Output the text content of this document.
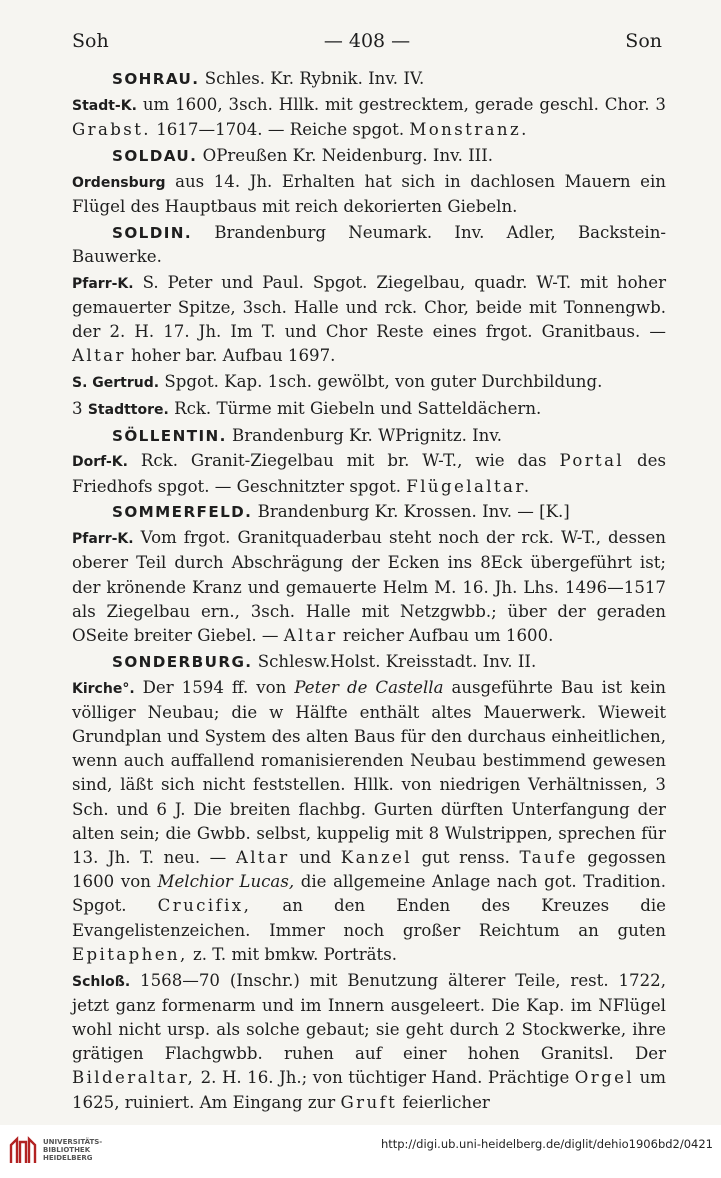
Soh	— 408 —	Son

SOHRAU. Schles. Kr. Rybnik. Inv. IV.

Stadt-K. um 1600, 3sch. Hllk. mit gestrecktem, gerade geschl. Chor. 3 Grabst. 1617—1704. — Reiche spgot. Monstranz.

SOLDAU. OPreußen Kr. Neidenburg. Inv. III.

Ordensburg aus 14. Jh. Erhalten hat sich in dachlosen Mauern ein Flügel des Hauptbaus mit reich dekorierten Giebeln.

SOLDIN. Brandenburg Neumark. Inv. Adler, Backstein-Bauwerke.

Pfarr-K. S. Peter und Paul. Spgot. Ziegelbau, quadr. W-T. mit hoher gemauerter Spitze, 3sch. Halle und rck. Chor, beide mit Tonnengwb. der 2. H. 17. Jh. Im T. und Chor Reste eines frgot. Granitbaus. — Altar hoher bar. Aufbau 1697.

S. Gertrud. Spgot. Kap. 1sch. gewölbt, von guter Durchbildung.

3 Stadttore. Rck. Türme mit Giebeln und Satteldächern.

SÖLLENTIN. Brandenburg Kr. WPrignitz. Inv.

Dorf-K. Rck. Granit-Ziegelbau mit br. W-T., wie das Portal des Friedhofs spgot. — Geschnitzter spgot. Flügelaltar.

SOMMERFELD. Brandenburg Kr. Krossen. Inv. — [K.]

Pfarr-K. Vom frgot. Granitquaderbau steht noch der rck. W-T., dessen oberer Teil durch Abschrägung der Ecken ins 8Eck übergeführt ist; der krönende Kranz und gemauerte Helm M. 16. Jh. Lhs. 1496—1517 als Ziegelbau ern., 3sch. Halle mit Netzgwbb.; über der geraden OSeite breiter Giebel. — Altar reicher Aufbau um 1600.

SONDERBURG. Schlesw.Holst. Kreisstadt. Inv. II.

Kirche°. Der 1594 ff. von Peter de Castella ausgeführte Bau ist kein völliger Neubau; die w Hälfte enthält altes Mauerwerk. Wieweit Grundplan und System des alten Baus für den durchaus einheitlichen, wenn auch auffallend romanisierenden Neubau bestimmend gewesen sind, läßt sich nicht feststellen. Hllk. von niedrigen Verhältnissen, 3 Sch. und 6 J. Die breiten flachbg. Gurten dürften Unterfangung der alten sein; die Gwbb. selbst, kuppelig mit 8 Wulstrippen, sprechen für 13. Jh. T. neu. — Altar und Kanzel gut renss. Taufe gegossen 1600 von Melchior Lucas, die allgemeine Anlage nach got. Tradition. Spgot. Crucifix, an den Enden des Kreuzes die Evangelistenzeichen. Immer noch großer Reichtum an guten Epitaphen, z. T. mit bmkw. Porträts.

Schloß. 1568—70 (Inschr.) mit Benutzung älterer Teile, rest. 1722, jetzt ganz formenarm und im Innern ausgeleert. Die Kap. im NFlügel wohl nicht ursp. als solche gebaut; sie geht durch 2 Stockwerke, ihre grätigen Flachgwbb. ruhen auf einer hohen Granitsl. Der Bilderaltar, 2. H. 16. Jh.; von tüchtiger Hand. Prächtige Orgel um 1625, ruiniert. Am Eingang zur Gruft feierlicher

UNIVERSITÄTS-
BIBLIOTHEK
HEIDELBERG
http://digi.ub.uni-heidelberg.de/diglit/dehio1906bd2/0421
